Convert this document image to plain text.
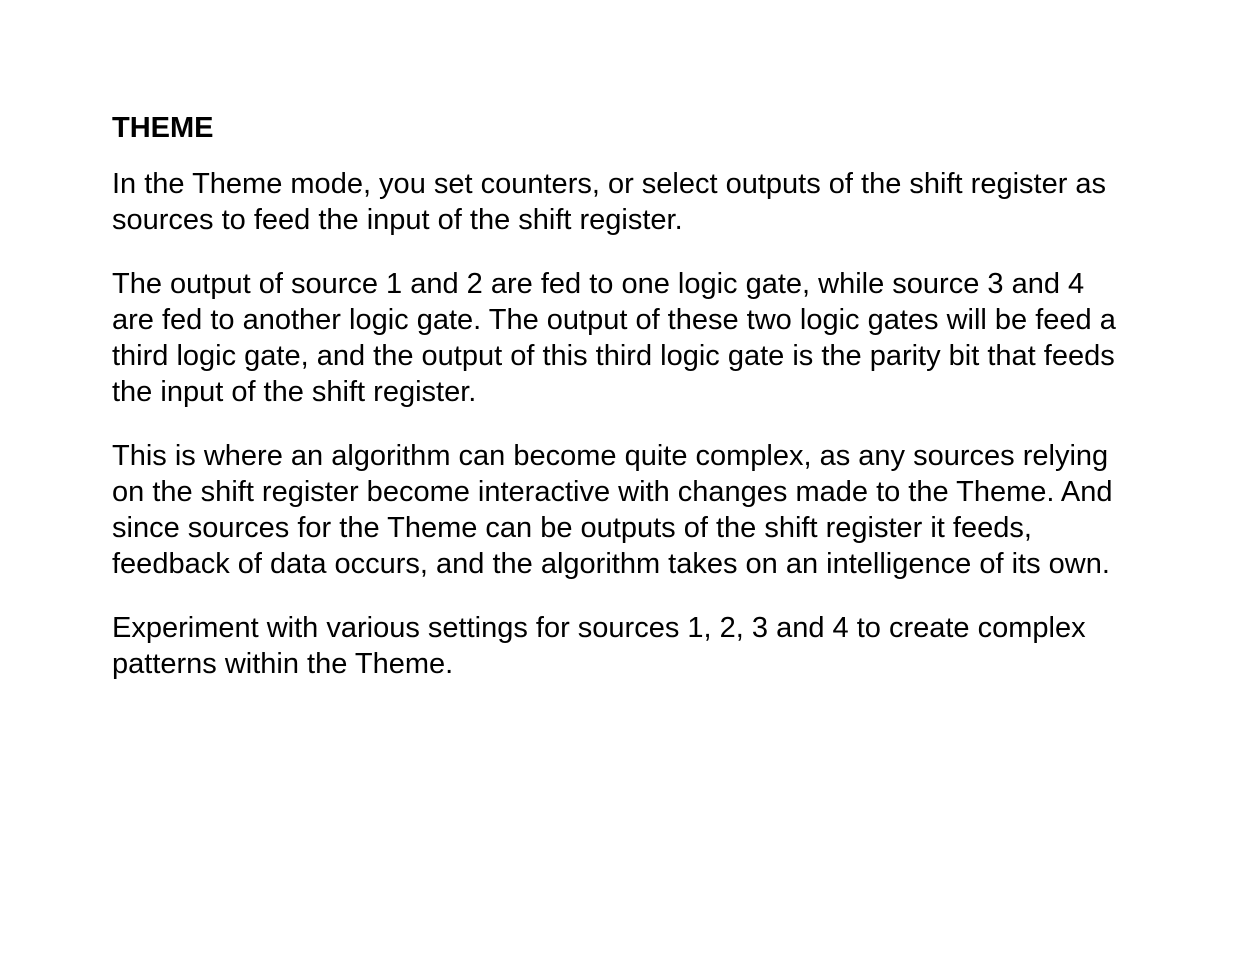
THEME

In the Theme mode, you set counters, or select outputs of the shift register as sources to feed the input of the shift register.

The output of source 1 and 2 are fed to one logic gate, while source 3 and 4 are fed to another logic gate. The output of these two logic gates will be feed a third logic gate, and the output of this third logic gate is the parity bit that feeds the input of the shift register.

This is where an algorithm can become quite complex, as any sources relying on the shift register become interactive with changes made to the Theme. And since sources for the Theme can be outputs of the shift register it feeds, feedback of data occurs, and the algorithm takes on an intelligence of its own.

Experiment with various settings for sources 1, 2, 3 and 4 to create complex patterns within the Theme.
